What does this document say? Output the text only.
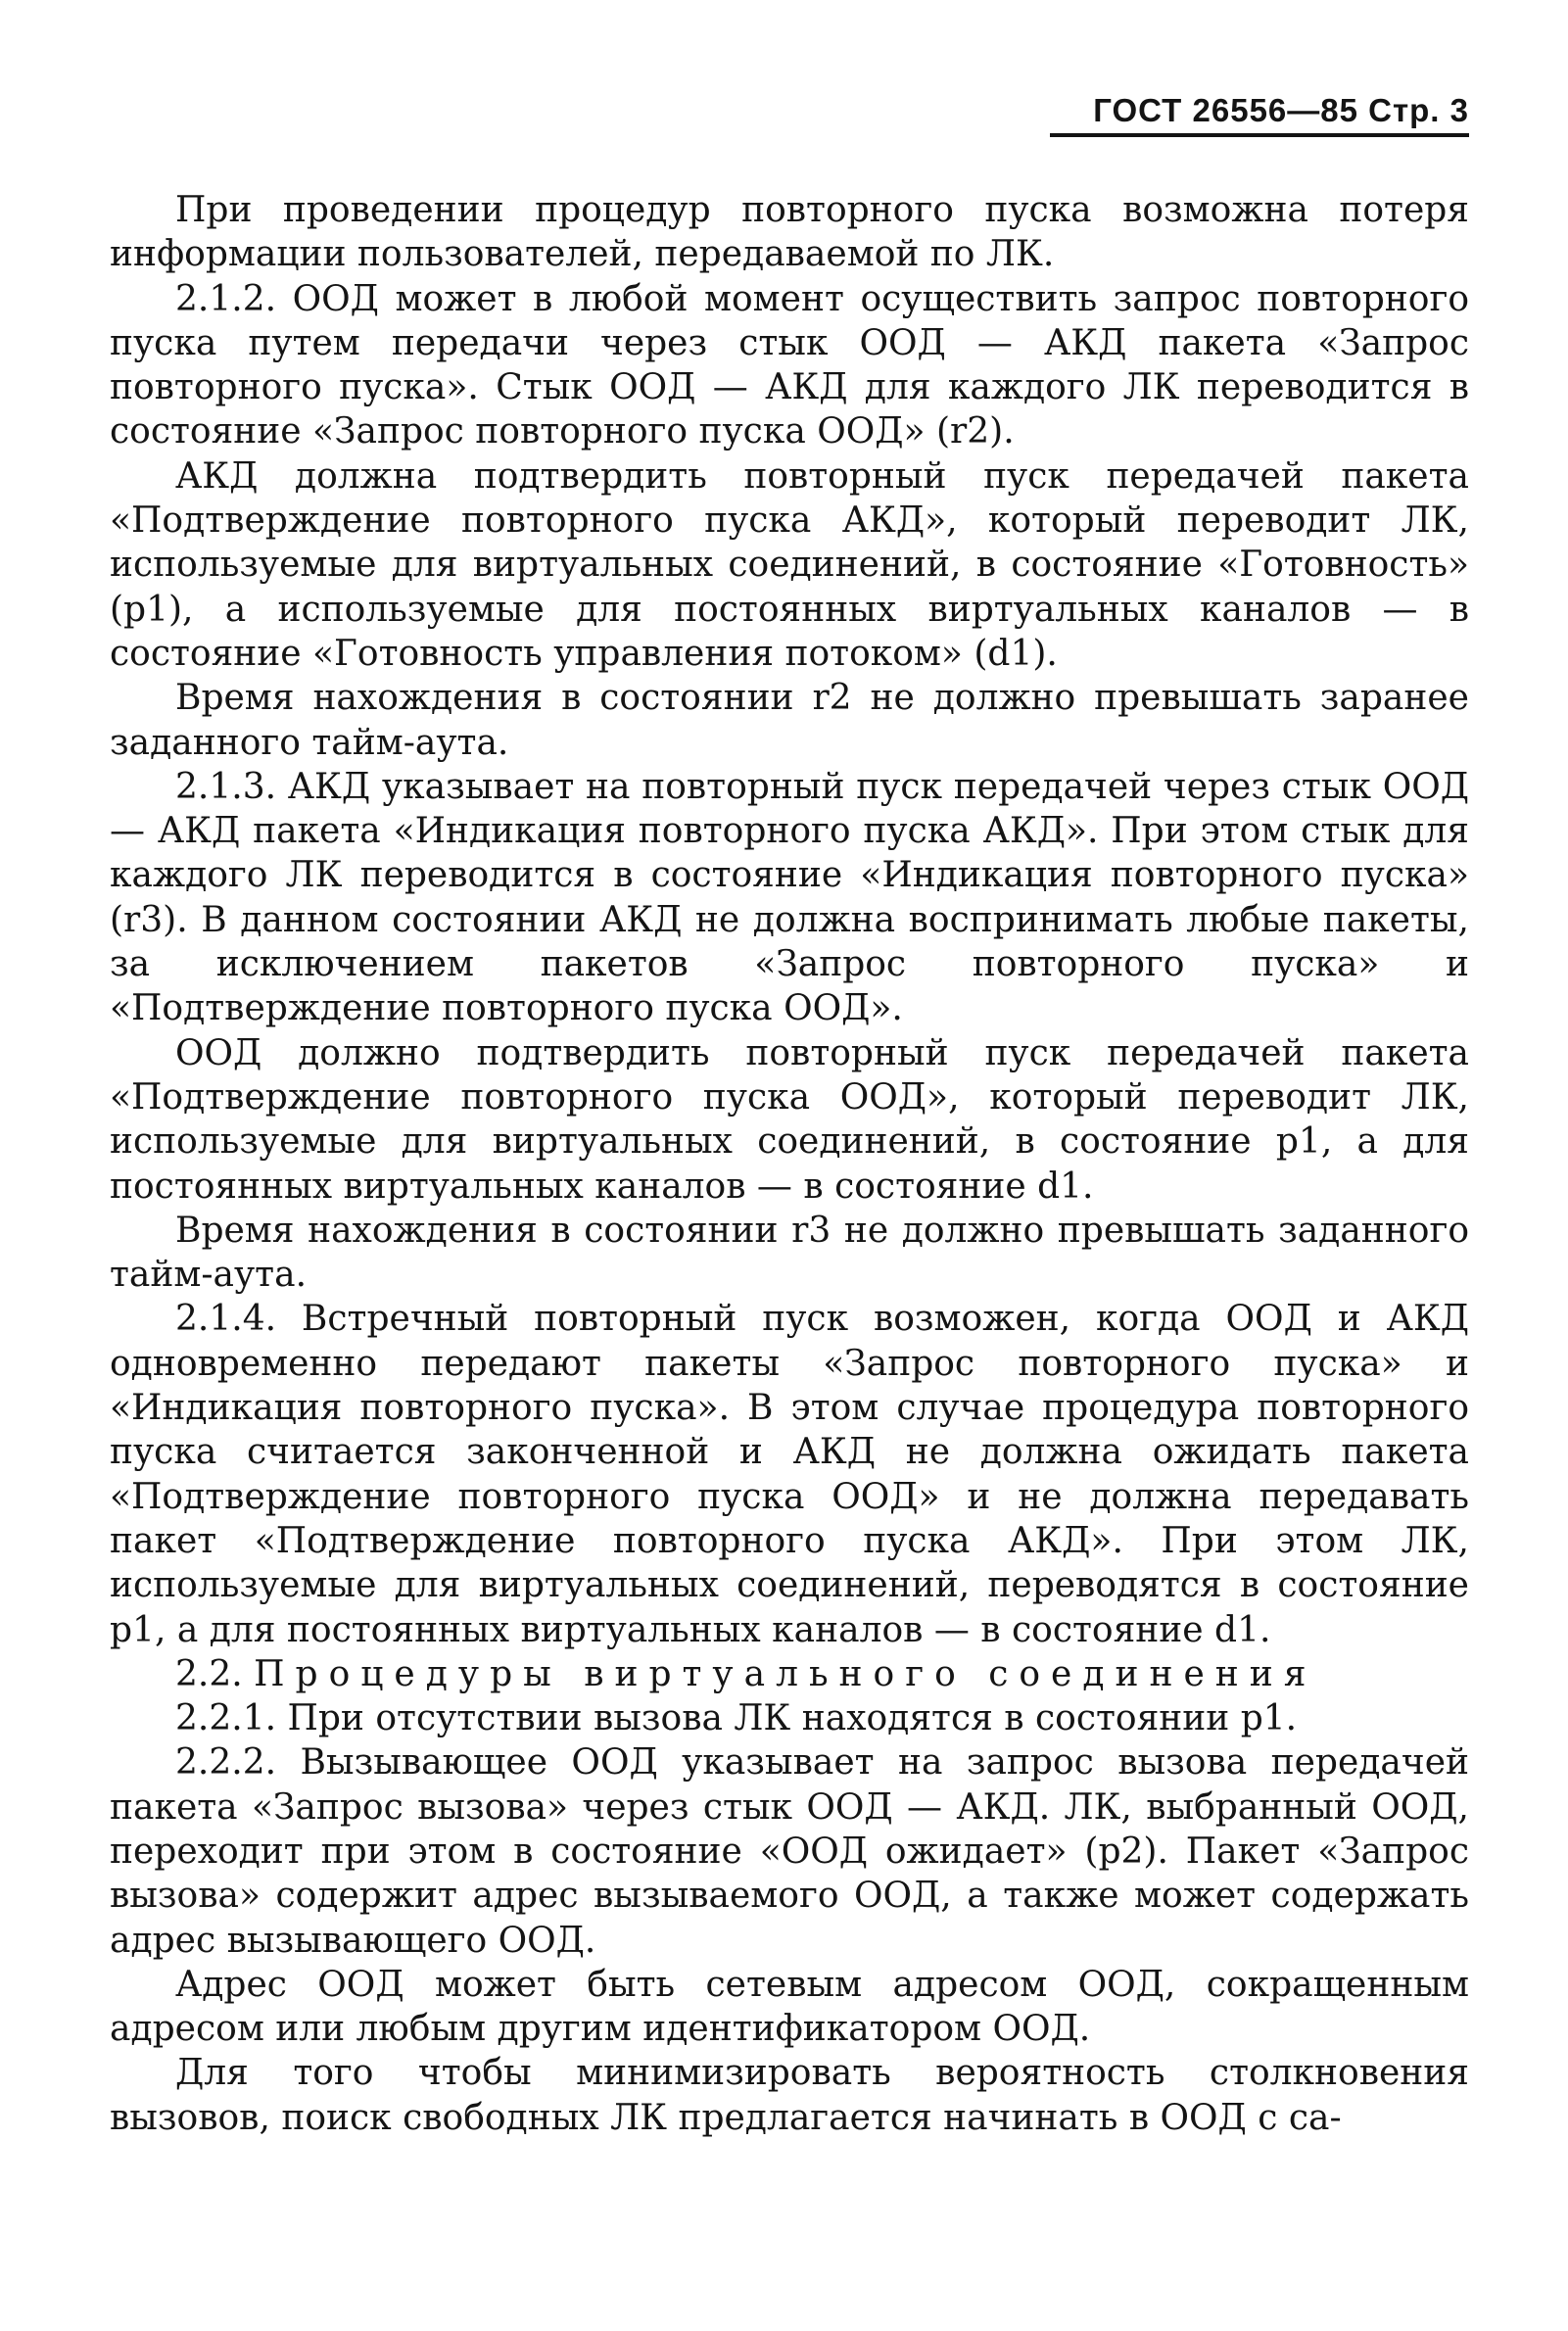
ГОСТ 26556—85 Стр. 3

При проведении процедур повторного пуска возможна потеря информации пользователей, передаваемой по ЛК.

2.1.2. ООД может в любой момент осуществить запрос повторного пуска путем передачи через стык ООД — АКД пакета «Запрос повторного пуска». Стык ООД — АКД для каждого ЛК переводится в состояние «Запрос повторного пуска ООД» (r2).

АКД должна подтвердить повторный пуск передачей пакета «Подтверждение повторного пуска АКД», который переводит ЛК, используемые для виртуальных соединений, в состояние «Готовность» (p1), а используемые для постоянных виртуальных каналов — в состояние «Готовность управления потоком» (d1).

Время нахождения в состоянии r2 не должно превышать заранее заданного тайм-аута.

2.1.3. АКД указывает на повторный пуск передачей через стык ООД — АКД пакета «Индикация повторного пуска АКД». При этом стык для каждого ЛК переводится в состояние «Индикация повторного пуска» (r3). В данном состоянии АКД не должна воспринимать любые пакеты, за исключением пакетов «Запрос повторного пуска» и «Подтверждение повторного пуска ООД».

ООД должно подтвердить повторный пуск передачей пакета «Подтверждение повторного пуска ООД», который переводит ЛК, используемые для виртуальных соединений, в состояние p1, а для постоянных виртуальных каналов — в состояние d1.

Время нахождения в состоянии r3 не должно превышать заданного тайм-аута.

2.1.4. Встречный повторный пуск возможен, когда ООД и АКД одновременно передают пакеты «Запрос повторного пуска» и «Индикация повторного пуска». В этом случае процедура повторного пуска считается законченной и АКД не должна ожидать пакета «Подтверждение повторного пуска ООД» и не должна передавать пакет «Подтверждение повторного пуска АКД». При этом ЛК, используемые для виртуальных соединений, переводятся в состояние p1, а для постоянных виртуальных каналов — в состояние d1.

2.2. Процедуры виртуального соединения

2.2.1. При отсутствии вызова ЛК находятся в состоянии p1.

2.2.2. Вызывающее ООД указывает на запрос вызова передачей пакета «Запрос вызова» через стык ООД — АКД. ЛК, выбранный ООД, переходит при этом в состояние «ООД ожидает» (p2). Пакет «Запрос вызова» содержит адрес вызываемого ООД, а также может содержать адрес вызывающего ООД.

Адрес ООД может быть сетевым адресом ООД, сокращенным адресом или любым другим идентификатором ООД.

Для того чтобы минимизировать вероятность столкновения вызовов, поиск свободных ЛК предлагается начинать в ООД с са-
